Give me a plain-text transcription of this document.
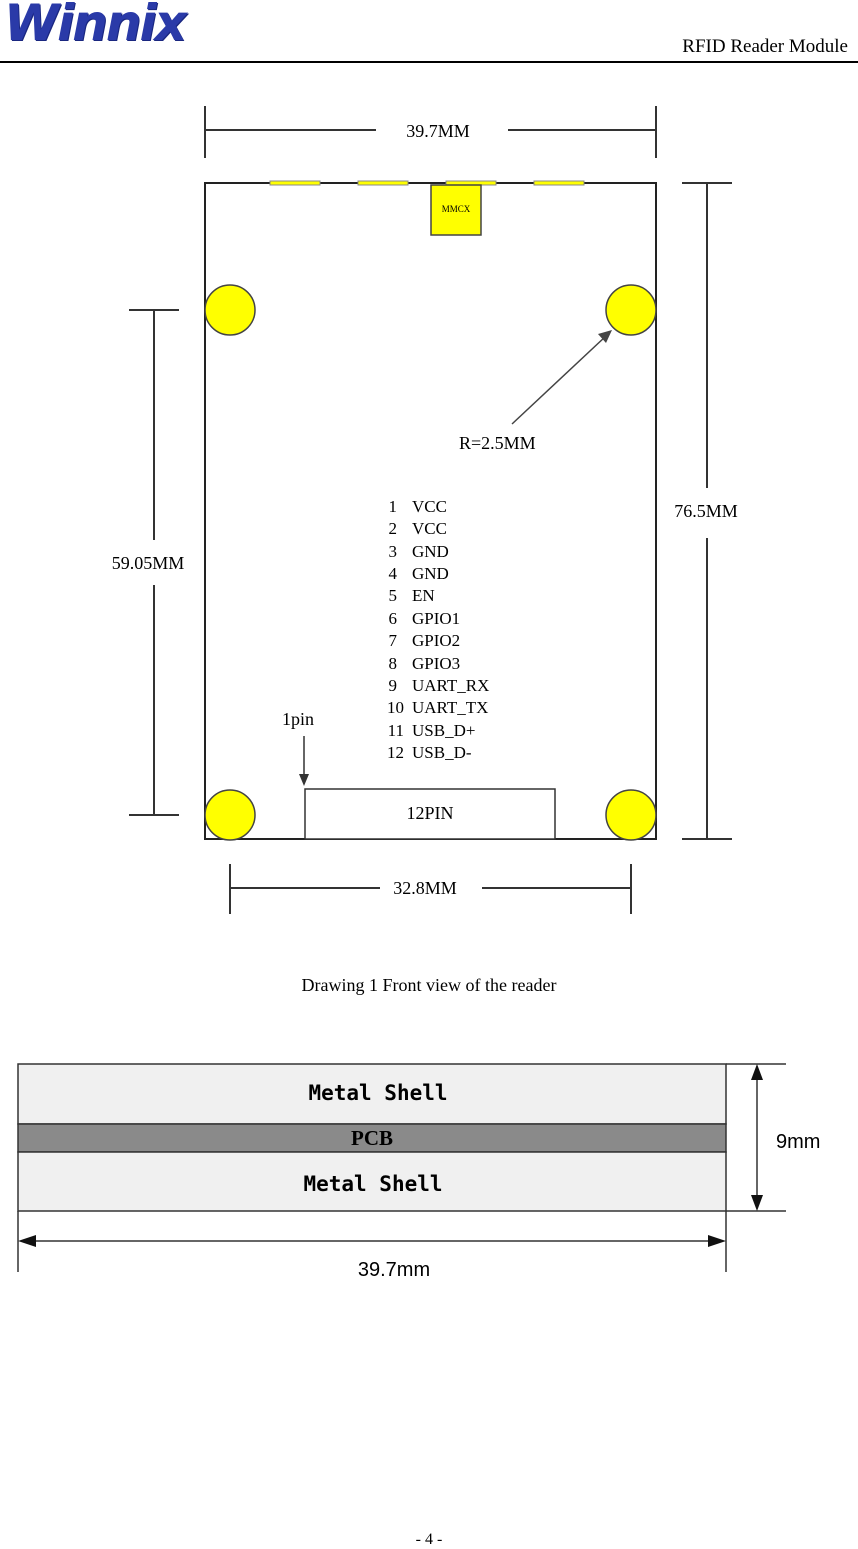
Winnix	RFID Reader Module
MMCX
R=2.5MM
76.5MM
59.05MM
1 VCC
2 VCC
3 GND
4 GND
5 EN
6 GPIO1
7 GPIO2
8 GPIO3
9 UART_RX
10 UART_TX
11 USB_D+
12 USB_D-
1pin
12PIN
32.8MM
39.7MM
Metal Shell
PCB
Metal Shell
9mm
39.7mm
Drawing 1 Front view of the reader
- 4 -
